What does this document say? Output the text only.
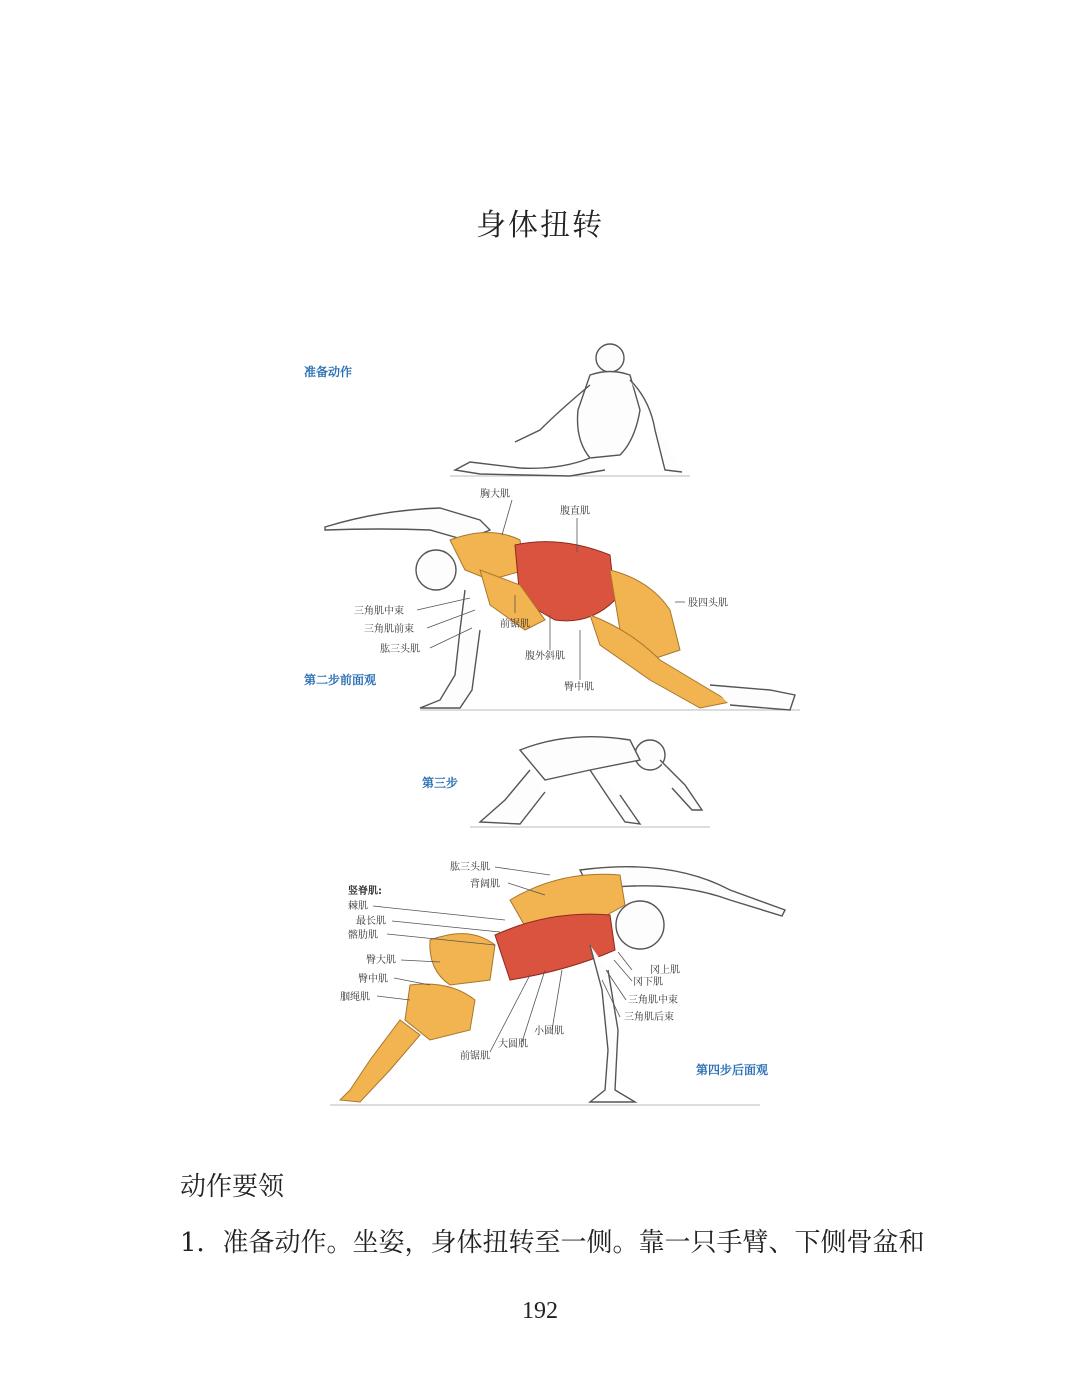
身体扭转
准备动作
胸大肌
腹直肌
股四头肌
三角肌中束
三角肌前束
肱三头肌
前锯肌
腹外斜肌
臀中肌
第二步前面观
第三步
肱三头肌
背阔肌
竖脊肌:
棘肌
最长肌
髂肋肌
臀大肌
臀中肌
腘绳肌
冈上肌
冈下肌
三角肌中束
三角肌后束
小圆肌
大圆肌
前锯肌
第四步后面观
动作要领
1．准备动作。坐姿，身体扭转至一侧。靠一只手臂、下侧骨盆和
192
